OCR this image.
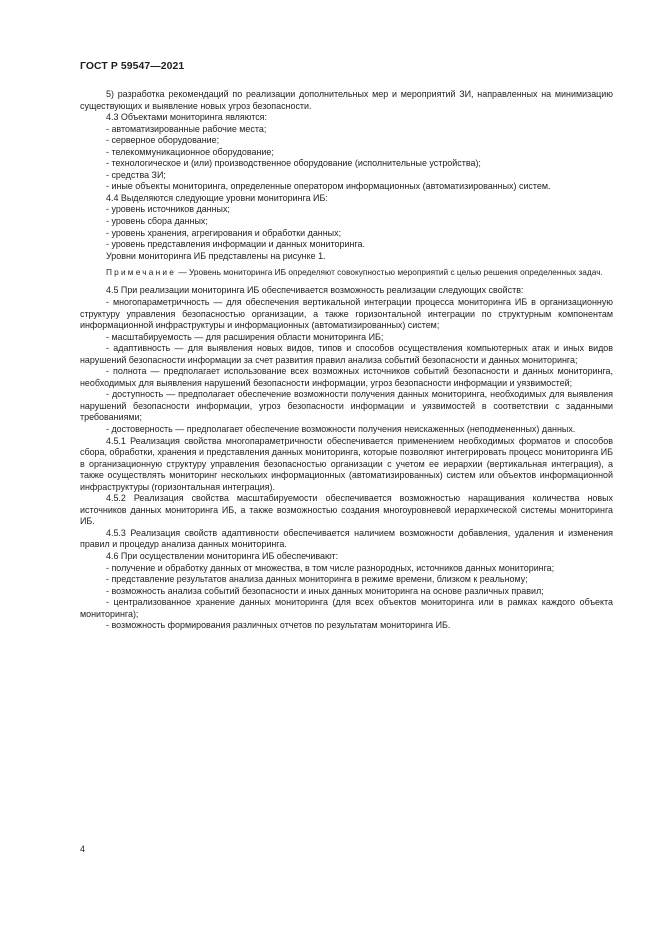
ГОСТ Р 59547—2021

5) разработка рекомендаций по реализации дополнительных мер и мероприятий ЗИ, направленных на минимизацию существующих и выявление новых угроз безопасности.

4.3 Объектами мониторинга являются:

- автоматизированные рабочие места;

- серверное оборудование;

- телекоммуникационное оборудование;

- технологическое и (или) производственное оборудование (исполнительные устройства);

- средства ЗИ;

- иные объекты мониторинга, определенные оператором информационных (автоматизированных) систем.

4.4 Выделяются следующие уровни мониторинга ИБ:

- уровень источников данных;

- уровень сбора данных;

- уровень хранения, агрегирования и обработки данных;

- уровень представления информации и данных мониторинга.

Уровни мониторинга ИБ представлены на рисунке 1.

Примечание — Уровень мониторинга ИБ определяют совокупностью мероприятий с целью решения определенных задач.

4.5 При реализации мониторинга ИБ обеспечивается возможность реализации следующих свойств:

- многопараметричность — для обеспечения вертикальной интеграции процесса мониторинга ИБ в организационную структуру управления безопасностью организации, а также горизонтальной интеграции по структурным компонентам информационной инфраструктуры и информационных (автоматизированных) систем;

- масштабируемость — для расширения области мониторинга ИБ;

- адаптивность — для выявления новых видов, типов и способов осуществления компьютерных атак и иных видов нарушений безопасности информации за счет развития правил анализа событий безопасности и данных мониторинга;

- полнота — предполагает использование всех возможных источников событий безопасности и данных мониторинга, необходимых для выявления нарушений безопасности информации, угроз безопасности информации и уязвимостей;

- доступность — предполагает обеспечение возможности получения данных мониторинга, необходимых для выявления нарушений безопасности информации, угроз безопасности информации и уязвимостей в соответствии с заданными требованиями;

- достоверность — предполагает обеспечение возможности получения неискаженных (неподмененных) данных.

4.5.1 Реализация свойства многопараметричности обеспечивается применением необходимых форматов и способов сбора, обработки, хранения и представления данных мониторинга, которые позволяют интегрировать процесс мониторинга ИБ в организационную структуру управления безопасностью организации с учетом ее иерархии (вертикальная интеграция), а также осуществлять мониторинг нескольких информационных (автоматизированных) систем или объектов информационной инфраструктуры (горизонтальная интеграция).

4.5.2 Реализация свойства масштабируемости обеспечивается возможностью наращивания количества новых источников данных мониторинга ИБ, а также возможностью создания многоуровневой иерархической системы мониторинга ИБ.

4.5.3 Реализация свойств адаптивности обеспечивается наличием возможности добавления, удаления и изменения правил и процедур анализа данных мониторинга.

4.6 При осуществлении мониторинга ИБ обеспечивают:

- получение и обработку данных от множества, в том числе разнородных, источников данных мониторинга;

- представление результатов анализа данных мониторинга в режиме времени, близком к реальному;

- возможность анализа событий безопасности и иных данных мониторинга на основе различных правил;

- централизованное хранение данных мониторинга (для всех объектов мониторинга или в рамках каждого объекта мониторинга);

- возможность формирования различных отчетов по результатам мониторинга ИБ.

4
